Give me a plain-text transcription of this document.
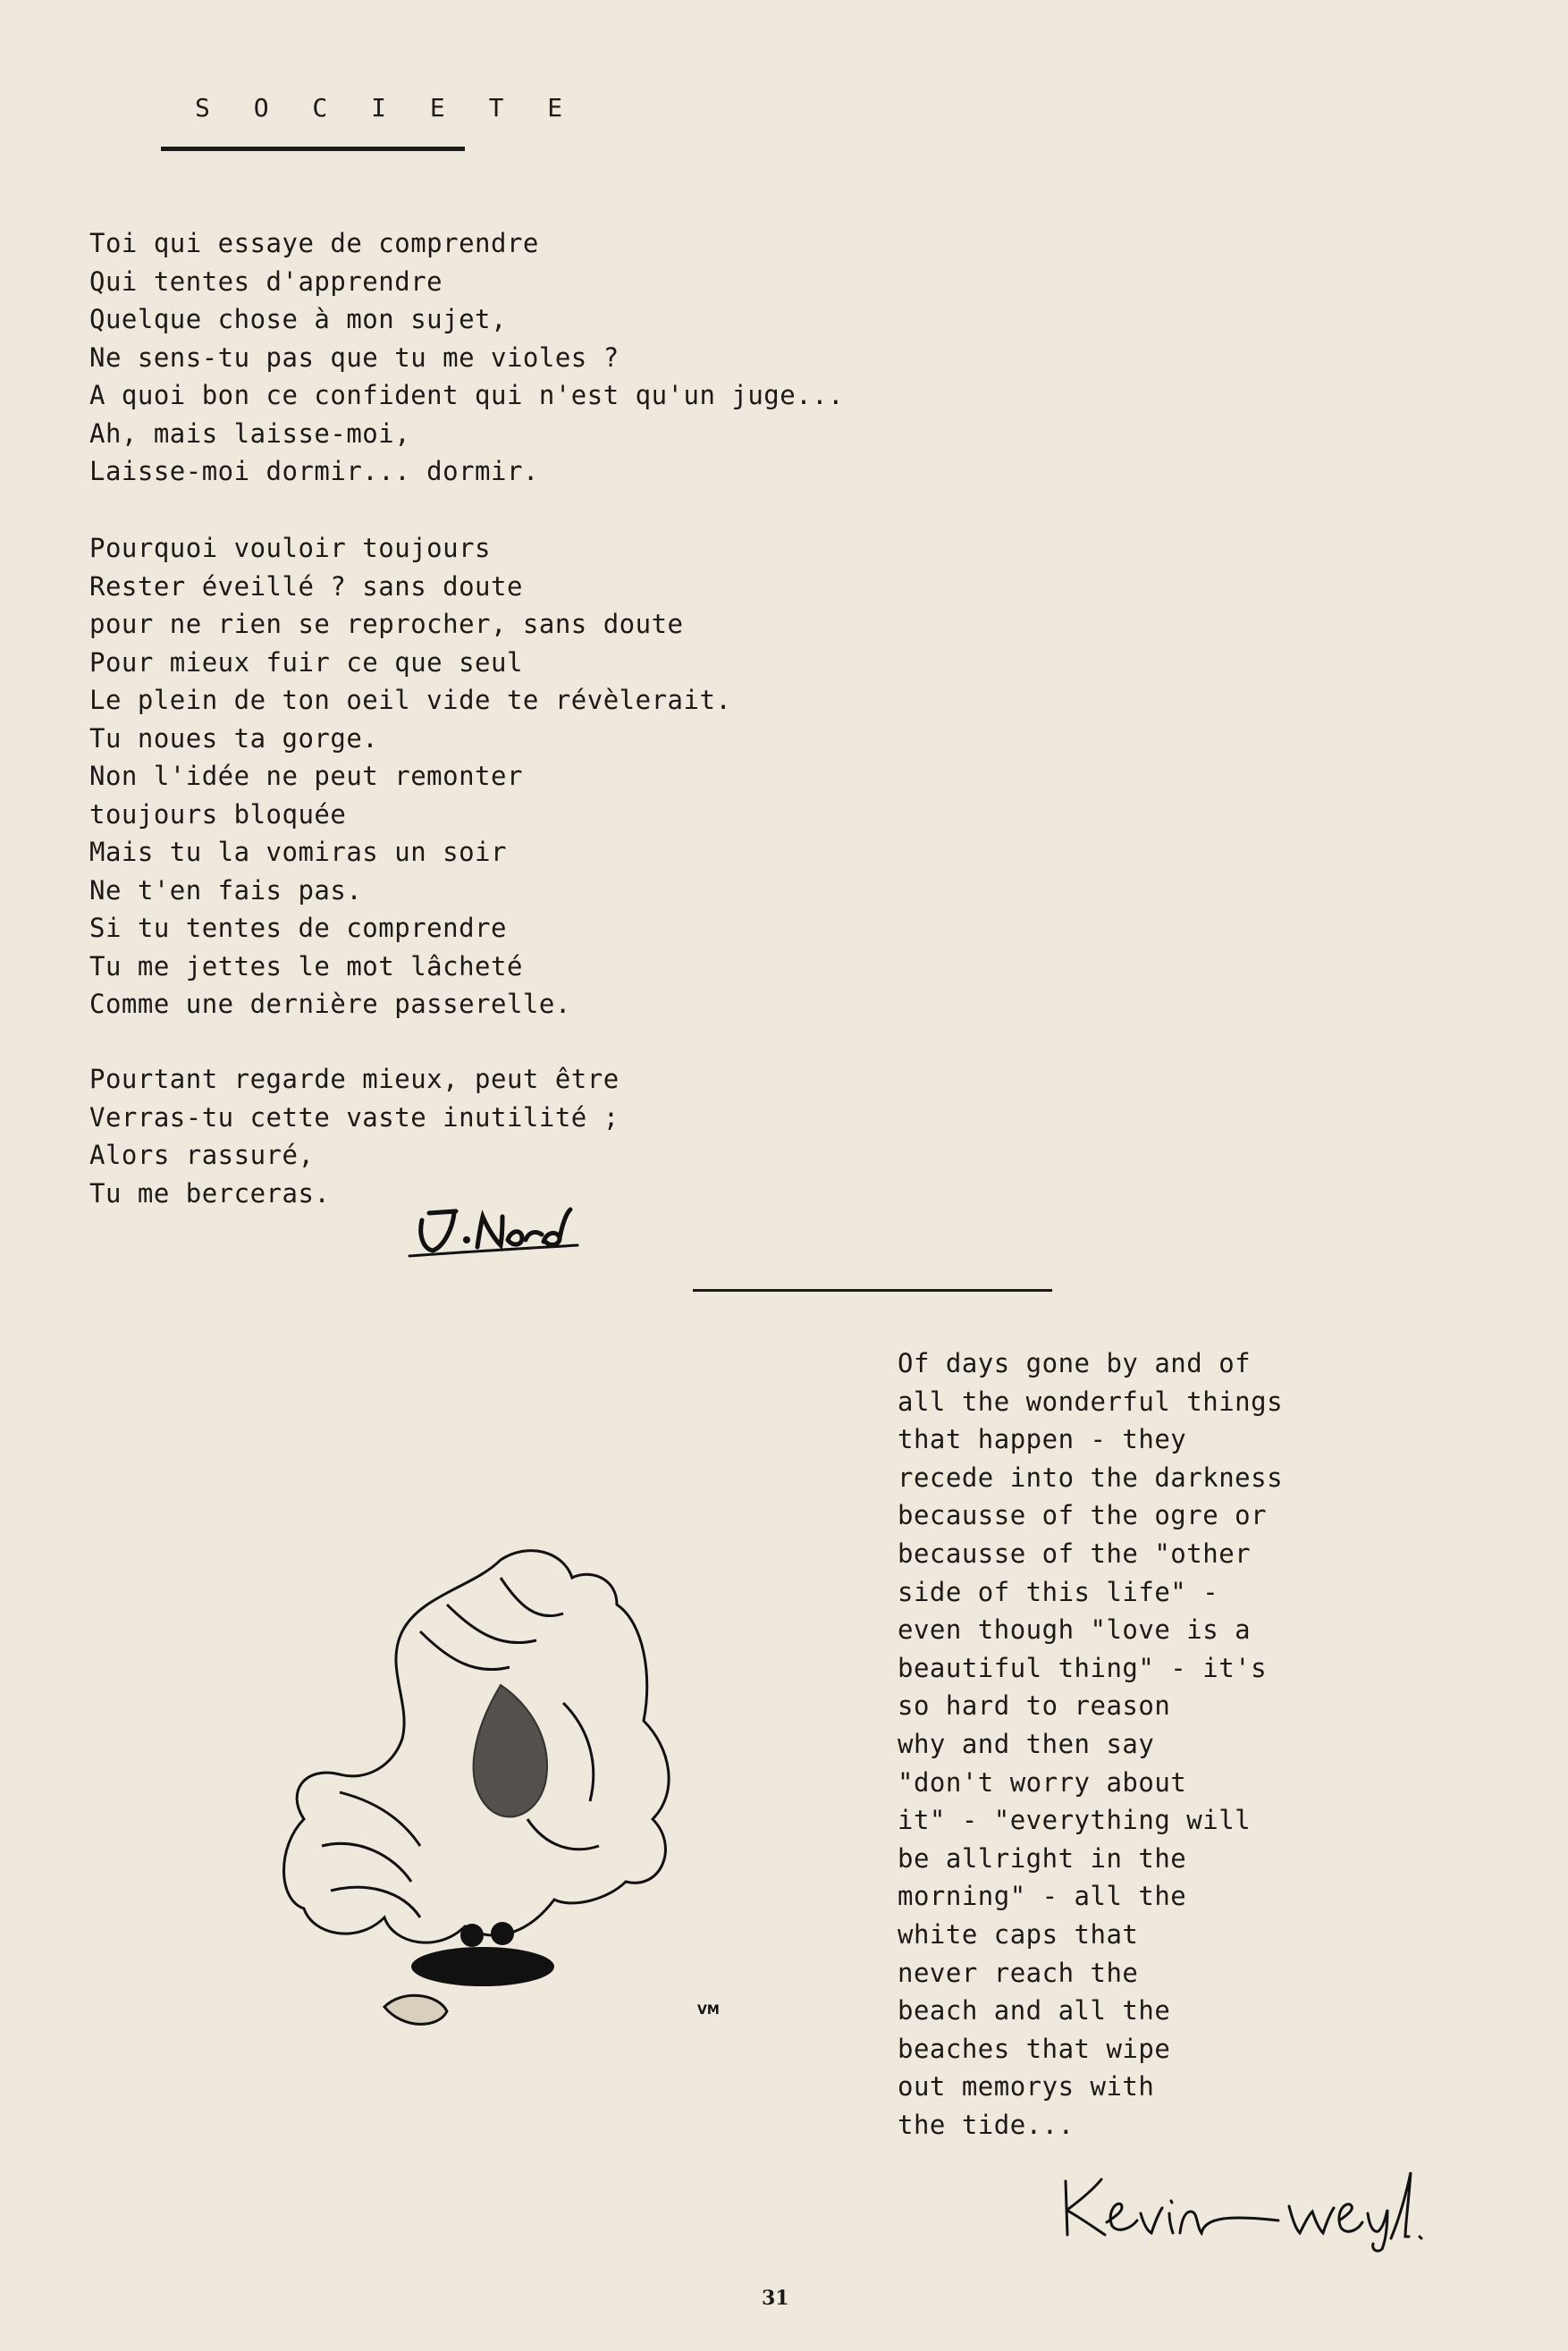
S O C I E T E
Toi qui essaye de comprendre
Qui tentes d'apprendre
Quelque chose à mon sujet,
Ne sens-tu pas que tu me violes ?
A quoi bon ce confident qui n'est qu'un juge...
Ah, mais laisse-moi,
Laisse-moi dormir... dormir.
Pourquoi vouloir toujours
Rester éveillé ? sans doute
pour ne rien se reprocher, sans doute
Pour mieux fuir ce que seul
Le plein de ton oeil vide te révèlerait.
Tu noues ta gorge.
Non l'idée ne peut remonter
toujours bloquée
Mais tu la vomiras un soir
Ne t'en fais pas.
Si tu tentes de comprendre
Tu me jettes le mot lâcheté
Comme une dernière passerelle.
Pourtant regarde mieux, peut être
Verras-tu cette vaste inutilité ;
Alors rassuré,
Tu me berceras.
VM
Of days gone by and of
all the wonderful things
that happen - they
recede into the darkness
becausse of the ogre or
becausse of the "other
side of this life" -
even though "love is a
beautiful thing" - it's
so hard to reason
why and then say
"don't worry about
it" - "everything will
be allright in the
morning" - all the
white caps that
never reach the
beach and all the
beaches that wipe
out memorys with
the tide...
31
